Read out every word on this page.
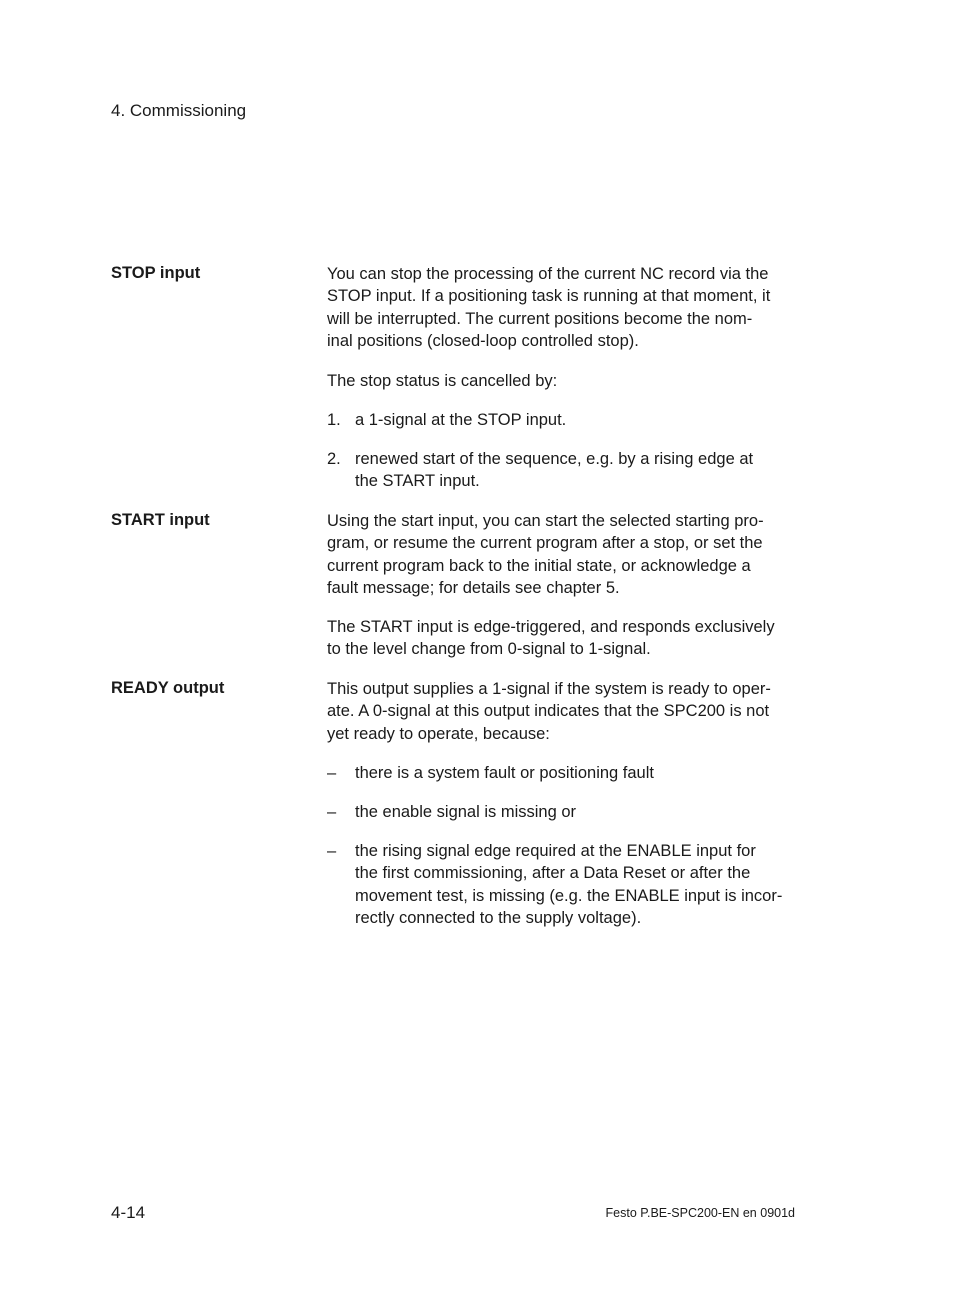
4. Commissioning
STOP input	You can stop the processing of the current NC record via the
STOP input. If a positioning task is running at that moment, it
will be interrupted. The current positions become the nom-
inal positions (closed-loop controlled stop).

The stop status is cancelled by:

1. a 1-signal at the STOP input.
2. renewed start of the sequence, e.g. by a rising edge at
the START input.
START input	Using the start input, you can start the selected starting pro-
gram, or resume the current program after a stop, or set the
current program back to the initial state, or acknowledge a
fault message; for details see chapter 5.

The START input is edge-triggered, and responds exclusively
to the level change from 0-signal to 1-signal.

READY output	This output supplies a 1-signal if the system is ready to oper-
ate. A 0-signal at this output indicates that the SPC200 is not
yet ready to operate, because:

– there is a system fault or positioning fault
– the enable signal is missing or
– the rising signal edge required at the ENABLE input for
the first commissioning, after a Data Reset or after the
movement test, is missing (e.g. the ENABLE input is incor-
rectly connected to the supply voltage).
4-14	Festo P.BE-SPC200-EN en 0901d
